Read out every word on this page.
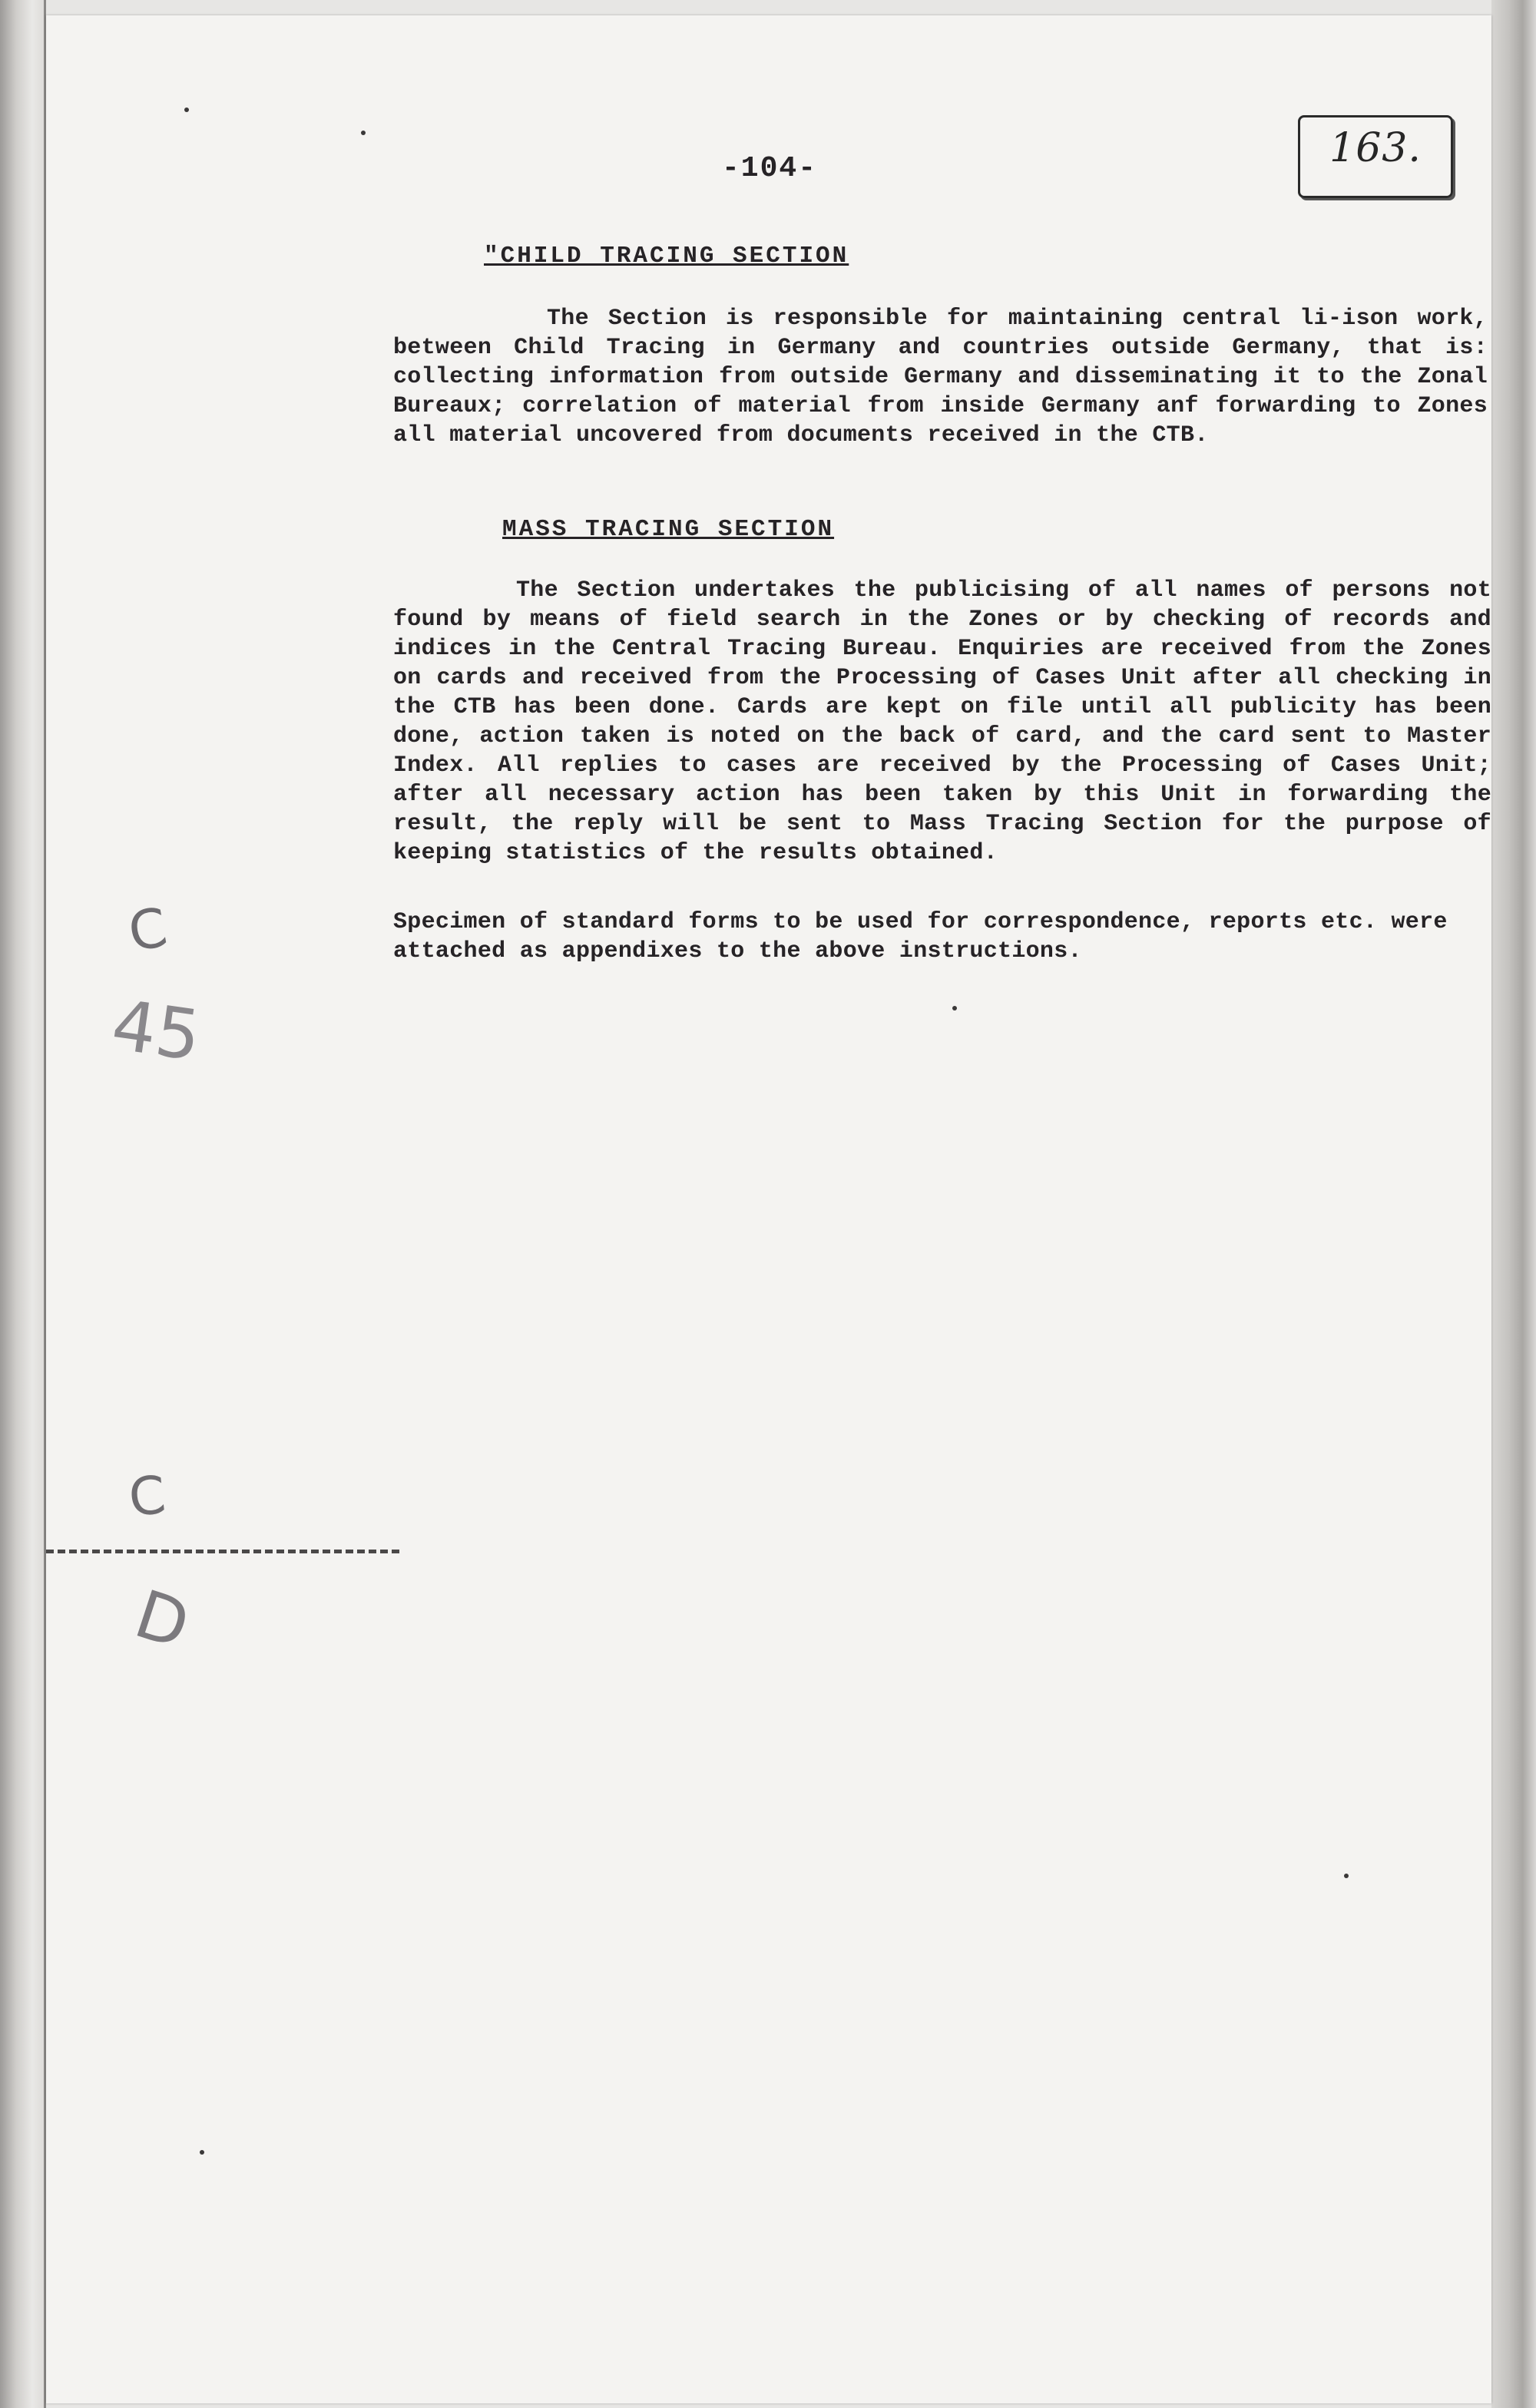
-104-	163.
"CHILD TRACING SECTION

The Section is responsible for maintaining central li-ison work, between Child Tracing in Germany and countries outside Germany, that is: collecting information from outside Germany and disseminating it to the Zonal Bureaux; correlation of material from inside Germany anf forwarding to Zones all material uncovered from documents received in the CTB.

MASS TRACING SECTION

The Section undertakes the publicising of all names of persons not found by means of field search in the Zones or by checking of records and indices in the Central Tracing Bureau. Enquiries are received from the Zones on cards and received from the Processing of Cases Unit after all checking in the CTB has been done. Cards are kept on file until all publicity has been done, action taken is noted on the back of card, and the card sent to Master Index. All replies to cases are received by the Processing of Cases Unit; after all necessary action has been taken by this Unit in forwarding the result, the reply will be sent to Mass Tracing Section for the purpose of keeping statistics of the results obtained.

Specimen of standard forms to be used for correspondence, reports etc. were attached as appendixes to the above instructions.

C
45
C
D
